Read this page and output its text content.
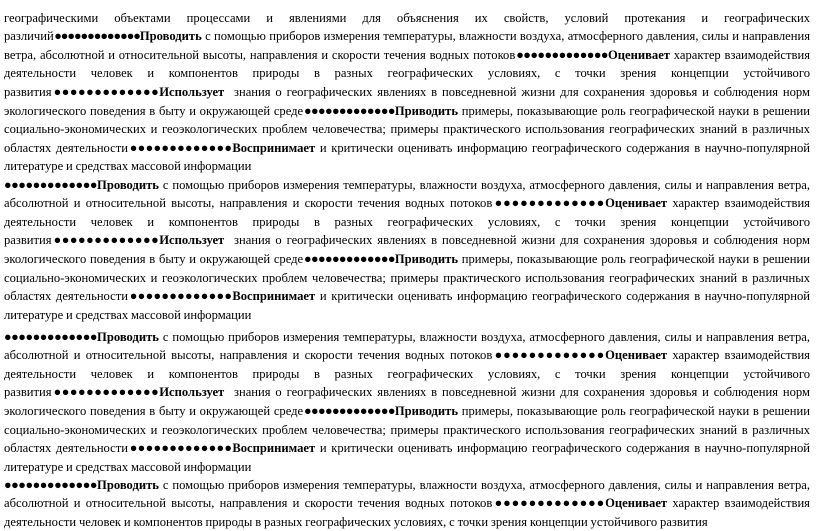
географическими объектами процессами и явлениями для объяснения их свойств, условий протекания и географических различий●●●●●●●●●●●●●Проводить с помощью приборов измерения температуры, влажности воздуха, атмосферного давления, силы и направления ветра, абсолютной и относительной высоты, направления и скорости течения водных потоков●●●●●●●●●●●●●Оценивает характер взаимодействия деятельности человек и компонентов природы в разных географических условиях, с точки зрения концепции устойчивого развития●●●●●●●●●●●●●Использует знания о географических явлениях в повседневной жизни для сохранения здоровья и соблюдения норм экологического поведения в быту и окружающей среде●●●●●●●●●●●●●Приводить примеры, показывающие роль географической науки в решении социально-экономических и геоэкологических проблем человечества; примеры практического использования географических знаний в различных областях деятельности●●●●●●●●●●●●●Воспринимает и критически оценивать информацию географического содержания в научно-популярной литературе и средствах массовой информации

●●●●●●●●●●●●●Проводить с помощью приборов измерения температуры, влажности воздуха, атмосферного давления, силы и направления ветра, абсолютной и относительной высоты, направления и скорости течения водных потоков●●●●●●●●●●●●●Оценивает характер взаимодействия деятельности человек и компонентов природы в разных географических условиях, с точки зрения концепции устойчивого развития●●●●●●●●●●●●●Использует знания о географических явлениях в повседневной жизни для сохранения здоровья и соблюдения норм экологического поведения в быту и окружающей среде●●●●●●●●●●●●●Приводить примеры, показывающие роль географической науки в решении социально-экономических и геоэкологических проблем человечества; примеры практического использования географических знаний в различных областях деятельности●●●●●●●●●●●●●Воспринимает и критически оценивать информацию географического содержания в научно-популярной литературе и средствах массовой информации

●●●●●●●●●●●●●Проводить с помощью приборов измерения температуры, влажности воздуха, атмосферного давления, силы и направления ветра, абсолютной и относительной высоты, направления и скорости течения водных потоков●●●●●●●●●●●●●Оценивает характер взаимодействия деятельности человек и компонентов природы в разных географических условиях, с точки зрения концепции устойчивого развития●●●●●●●●●●●●●Использует знания о географических явлениях в повседневной жизни для сохранения здоровья и соблюдения норм экологического поведения в быту и окружающей среде●●●●●●●●●●●●●Приводить примеры, показывающие роль географической науки в решении социально-экономических и геоэкологических проблем человечества; примеры практического использования географических знаний в различных областях деятельности●●●●●●●●●●●●●Воспринимает и критически оценивать информацию географического содержания в научно-популярной литературе и средствах массовой информации

●●●●●●●●●●●●●Проводить с помощью приборов измерения температуры, влажности воздуха, атмосферного давления, силы и направления ветра, абсолютной и относительной высоты, направления и скорости течения водных потоков●●●●●●●●●●●●●Оценивает характер взаимодействия деятельности человек и компонентов природы в разных географических условиях, с точки зрения концепции устойчивого развития
